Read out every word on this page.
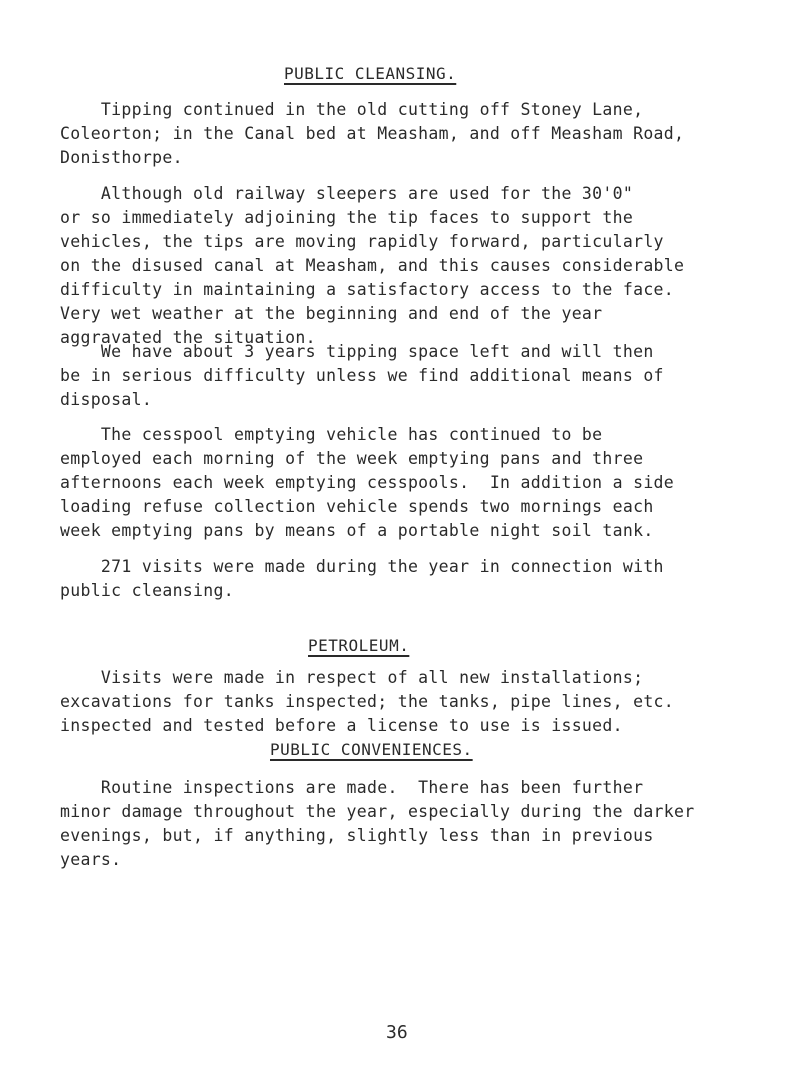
PUBLIC CLEANSING.

Tipping continued in the old cutting off Stoney Lane,
Coleorton; in the Canal bed at Measham, and off Measham Road,
Donisthorpe.

Although old railway sleepers are used for the 30'0"
or so immediately adjoining the tip faces to support the
vehicles, the tips are moving rapidly forward, particularly
on the disused canal at Measham, and this causes considerable
difficulty in maintaining a satisfactory access to the face.
Very wet weather at the beginning and end of the year
aggravated the situation.

We have about 3 years tipping space left and will then
be in serious difficulty unless we find additional means of
disposal.

The cesspool emptying vehicle has continued to be
employed each morning of the week emptying pans and three
afternoons each week emptying cesspools.  In addition a side
loading refuse collection vehicle spends two mornings each
week emptying pans by means of a portable night soil tank.

271 visits were made during the year in connection with
public cleansing.

PETROLEUM.

Visits were made in respect of all new installations;
excavations for tanks inspected; the tanks, pipe lines, etc.
inspected and tested before a license to use is issued.

PUBLIC CONVENIENCES.

Routine inspections are made.  There has been further
minor damage throughout the year, especially during the darker
evenings, but, if anything, slightly less than in previous
years.

36
